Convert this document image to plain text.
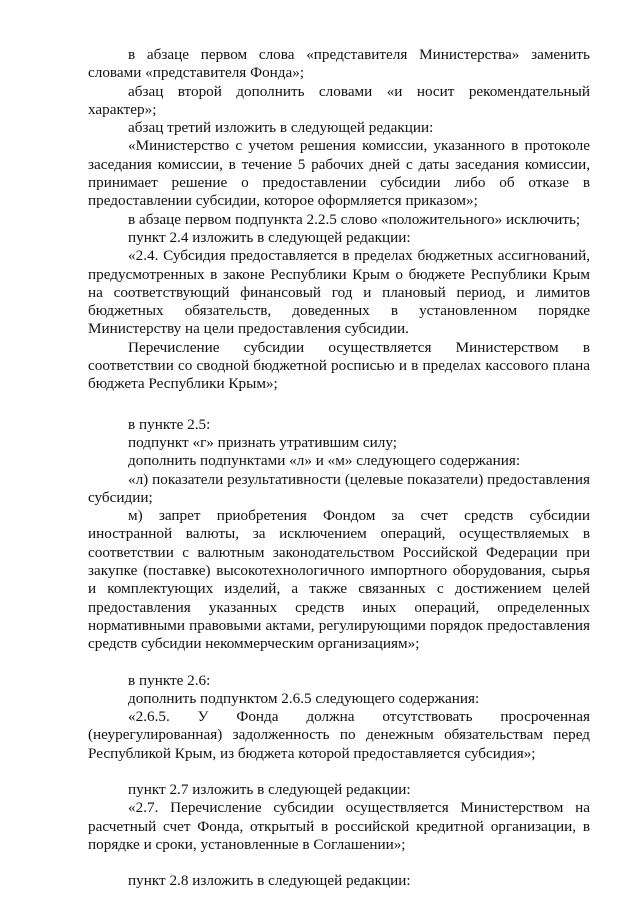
в абзаце первом слова «представителя Министерства» заменить словами «представителя Фонда»;

абзац второй дополнить словами «и носит рекомендательный характер»;

абзац третий изложить в следующей редакции:

«Министерство с учетом решения комиссии, указанного в протоколе заседания комиссии, в течение 5 рабочих дней с даты заседания комиссии, принимает решение о предоставлении субсидии либо об отказе в предоставлении субсидии, которое оформляется приказом»;

в абзаце первом подпункта 2.2.5 слово «положительного» исключить;

пункт 2.4 изложить в следующей редакции:

«2.4. Субсидия предоставляется в пределах бюджетных ассигнований, предусмотренных в законе Республики Крым о бюджете Республики Крым на соответствующий финансовый год и плановый период, и лимитов бюджетных обязательств, доведенных в установленном порядке Министерству на цели предоставления субсидии.

Перечисление субсидии осуществляется Министерством в соответствии со сводной бюджетной росписью и в пределах кассового плана бюджета Республики Крым»;

в пункте 2.5:

подпункт «г» признать утратившим силу;

дополнить подпунктами «л» и «м» следующего содержания:

«л) показатели результативности (целевые показатели) предоставления субсидии;

м) запрет приобретения Фондом за счет средств субсидии иностранной валюты, за исключением операций, осуществляемых в соответствии с валютным законодательством Российской Федерации при закупке (поставке) высокотехнологичного импортного оборудования, сырья и комплектующих изделий, а также связанных с достижением целей предоставления указанных средств иных операций, определенных нормативными правовыми актами, регулирующими порядок предоставления средств субсидии некоммерческим организациям»;

в пункте 2.6:

дополнить подпунктом 2.6.5 следующего содержания:

«2.6.5. У Фонда должна отсутствовать просроченная (неурегулированная) задолженность по денежным обязательствам перед Республикой Крым, из бюджета которой предоставляется субсидия»;

пункт 2.7 изложить в следующей редакции:

«2.7. Перечисление субсидии осуществляется Министерством на расчетный счет Фонда, открытый в российской кредитной организации, в порядке и сроки, установленные в Соглашении»;

пункт 2.8 изложить в следующей редакции:
